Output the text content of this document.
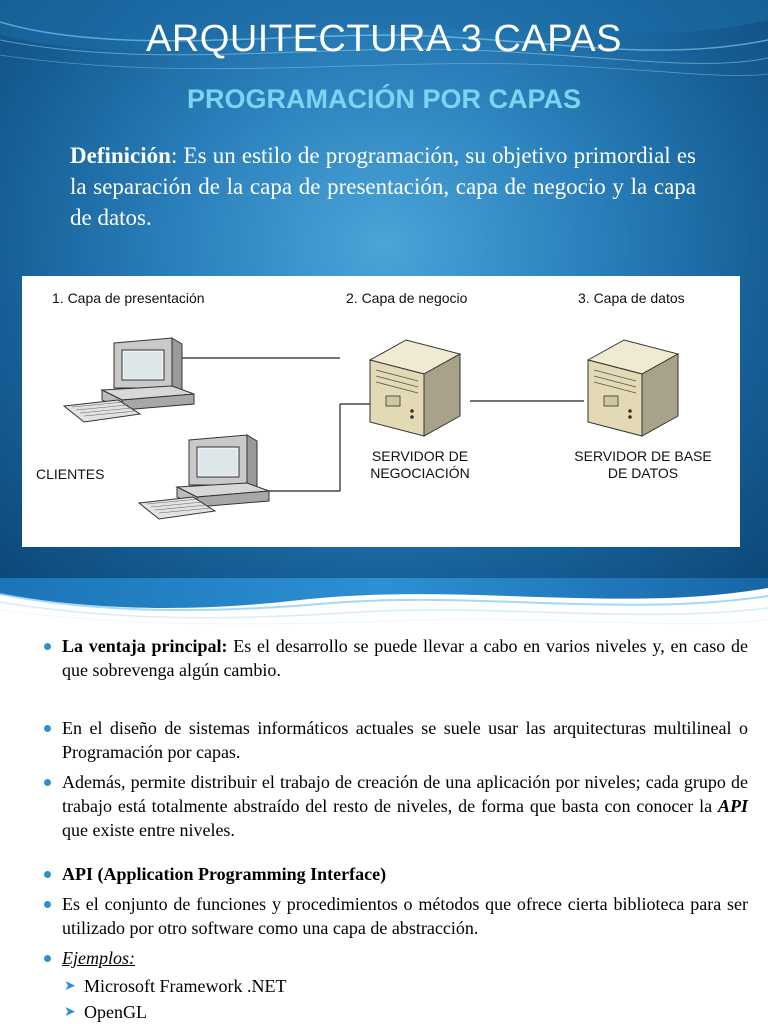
ARQUITECTURA 3 CAPAS
PROGRAMACIÓN POR CAPAS
Definición: Es un estilo de programación, su objetivo primordial es la separación de la capa de presentación, capa de negocio y la capa de datos.
1. Capa de presentación	2. Capa de negocio	3. Capa de datos
CLIENTES
SERVIDOR DE
NEGOCIACIÓN
SERVIDOR DE BASE
DE DATOS
La ventaja principal: Es el desarrollo se puede llevar a cabo en varios niveles y, en caso de que sobrevenga algún cambio.
En el diseño de sistemas informáticos actuales se suele usar las arquitecturas multilineal o Programación por capas.
Además, permite distribuir el trabajo de creación de una aplicación por niveles; cada grupo de trabajo está totalmente abstraído del resto de niveles, de forma que basta con conocer la API que existe entre niveles.
API (Application Programming Interface)
Es el conjunto de funciones y procedimientos o métodos que ofrece cierta biblioteca para ser utilizado por otro software como una capa de abstracción.
Ejemplos:
➤ Microsoft Framework .NET
➤ OpenGL
